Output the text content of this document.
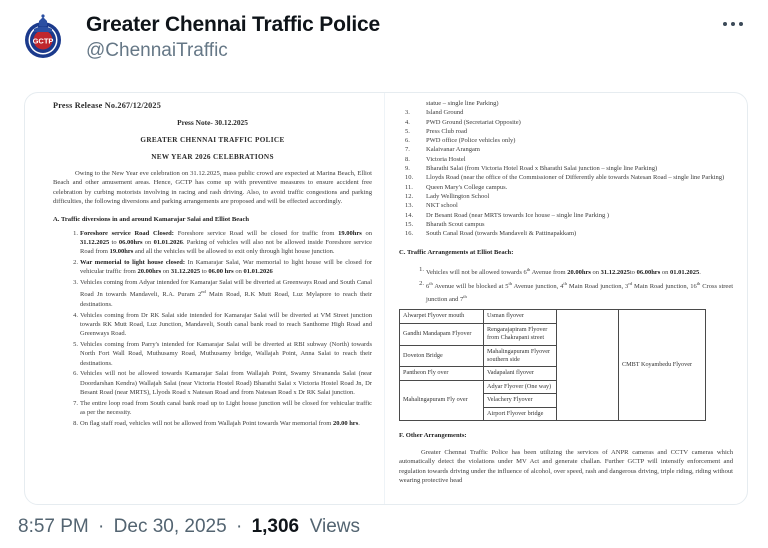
GCTP
Greater Chennai Traffic Police
@ChennaiTraffic
Press Release No.267/12/2025
Press Note- 30.12.2025
GREATER CHENNAI TRAFFIC POLICE
NEW YEAR 2026 CELEBRATIONS
Owing to the New Year eve celebration on 31.12.2025, mass public crowd are expected at Marina Beach, Elliot Beach and other amusement areas. Hence, GCTP has come up with preventive measures to ensure accident free celebration by curbing motorists involving in racing and rash driving. Also, to avoid traffic congestions and parking difficulties, the following diversions and parking arrangements are proposed and will be effected accordingly.
A. Traffic diversions in and around Kamarajar Salai and Elliot Beach
Foreshore service Road Closed: Foreshore service Road will be closed for traffic from 19.00hrs on 31.12.2025 to 06.00hrs on 01.01.2026. Parking of vehicles will also not be allowed inside Foreshore service Road from 19.00hrs and all the vehicles will be allowed to exit only through light house junction.
War memorial to light house closed: In Kamarajar Salai, War memorial to light house will be closed for vehicular traffic from 20.00hrs on 31.12.2025 to 06.00 hrs on 01.01.2026
Vehicles coming from Adyar intended for Kamarajar Salai will be diverted at Greenways Road and South Canal Road Jn towards Mandaveli, R.A. Puram 2nd Main Road, R.K Mutt Road, Luz Mylapore to reach their destinations.
Vehicles coming from Dr RK Salai side intended for Kamarajar Salai will be diverted at VM Street junction towards RK Mutt Road, Luz Junction, Mandaveli, South canal bank road to reach Santhome High Road and Greenways Road.
Vehicles coming from Parry's intended for Kamarajar Salai will be diverted at RBI subway (North) towards North Fort Wall Road, Muthusamy Road, Muthusamy bridge, Wallajah Point, Anna Salai to reach their destinations.
Vehicles will not be allowed towards Kamarajar Salai from Wallajah Point, Swamy Sivananda Salai (near Doordarshan Kendra) Wallajah Salai (near Victoria Hostel Road) Bharathi Salai x Victoria Hostel Road Jn, Dr Besant Road (near MRTS), Llyods Road x Natesan Road and from Natesan Road x Dr RK Salai junction.
The entire loop road from South canal bank road up to Light house junction will be closed for vehicular traffic as per the necessity.
On flag staff road, vehicles will not be allowed from Wallajah Point towards War memorial from 20.00 hrs.
statue – single line Parking)
3.	Island Ground
4.	PWD Ground (Secretariat Opposite)
5.	Press Club road
6.	PWD office (Police vehicles only)
7.	Kalaivanar Arangam
8.	Victoria Hostel
9.	Bharathi Salai (from Victoria Hotel Road x Bharathi Salai junction – single line Parking)
10.	Lloyds Road (near the office of the Commissioner of Differently able towards Natesan Road – single line Parking)
11.	Queen Mary's College campus.
12.	Lady Wellington School
13.	NKT school
14.	Dr Besant Road (near MRTS towards Ice house – single line Parking )
15.	Bharath Scout campus
16.	South Canal Road (towards Mandaveli & Pattinapakkam)
C. Traffic Arrangements at Elliot Beach:
Vehicles will not be allowed towards 6th Avenue from 20.00hrs on 31.12.2025to 06.00hrs on 01.01.2025.
6th Avenue will be blocked at 5th Avenue junction, 4th Main Road junction, 3rd Main Road junction, 16th Cross street junction and 7th
Alwarpet Flyover mouth	Usman flyover		CMBT Koyambedu Flyover
Gandhi Mandapam Flyover	Rengarajapiram Flyover from Chakrapani street		
Doveton Bridge	Mahalingapuram Flyover southern side		
Pantheon Fly over	Vadapalani flyover		
Mahalingapuram Fly over	Adyar Flyover (One way)		
	Velachery Flyover		
	Airport Flyover bridge		
F. Other Arrangements:
Greater Chennai Traffic Police has been utilizing the services of ANPR cameras and CCTV cameras which automatically detect the violations under MV Act and generate challan. Further GCTP will intensify enforcement and regulation towards driving under the influence of alcohol, over speed, rash and dangerous driving, triple riding, riding without wearing protective head
8:57 PM · Dec 30, 2025 · 1,306 Views
